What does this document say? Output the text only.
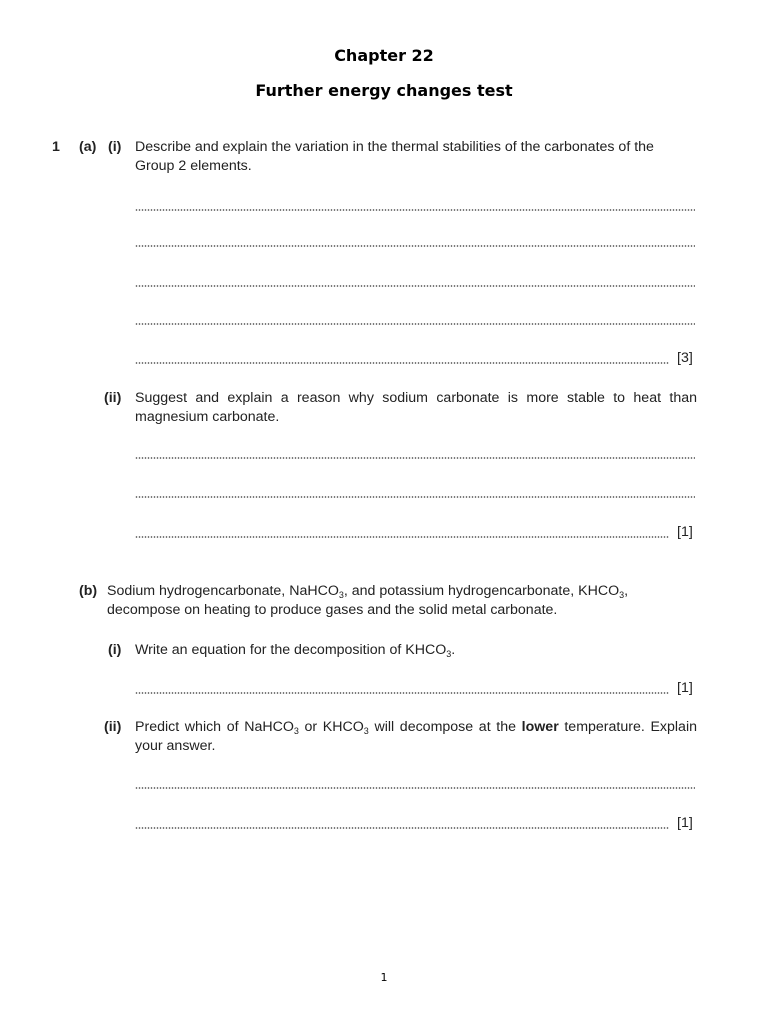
Chapter 22
Further energy changes test
1 (a) (i) Describe and explain the variation in the thermal stabilities of the carbonates of the Group 2 elements.
[3]
(ii) Suggest and explain a reason why sodium carbonate is more stable to heat than magnesium carbonate.
[1]
(b) Sodium hydrogencarbonate, NaHCO$_3$, and potassium hydrogencarbonate, $KHCO_3$, decompose on heating to produce gases and the solid metal carbonate.
(i) Write an equation for the decomposition of $KHCO_3$.
[1]
(ii) Predict which of NaHCO$_3$ or $KHCO_3$ will decompose at the lower temperature. Explain your answer.
[1]
1
